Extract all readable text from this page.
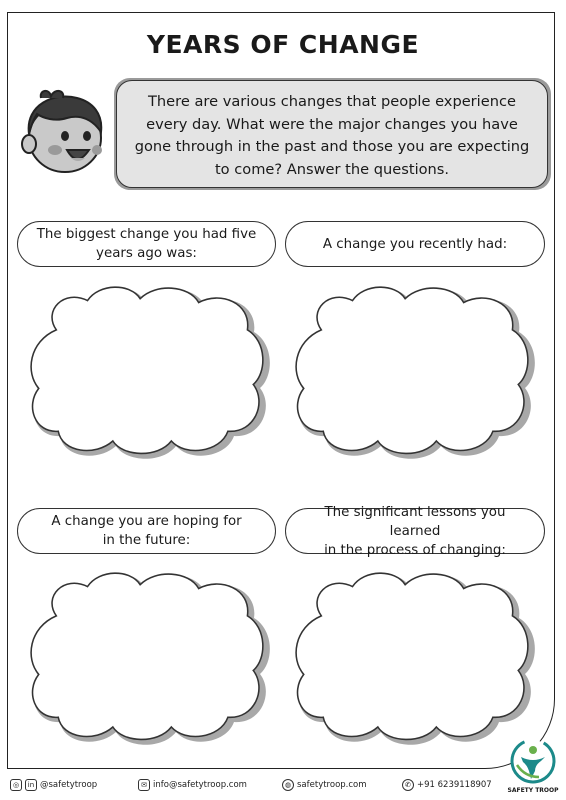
YEARS OF CHANGE
There are various changes that people experience every day. What were the major changes you have gone through in the past and those you are expecting to come? Answer the questions.
The biggest change you had five
years ago was:
A change you recently had:
A change you are hoping for
in the future:
The significant lessons you learned
in the process of changing:
◎	in @safetytroop	✉ info@safetytroop.com	◍ safetytroop.com	✆ +91 6239118907
SAFETY TROOP
